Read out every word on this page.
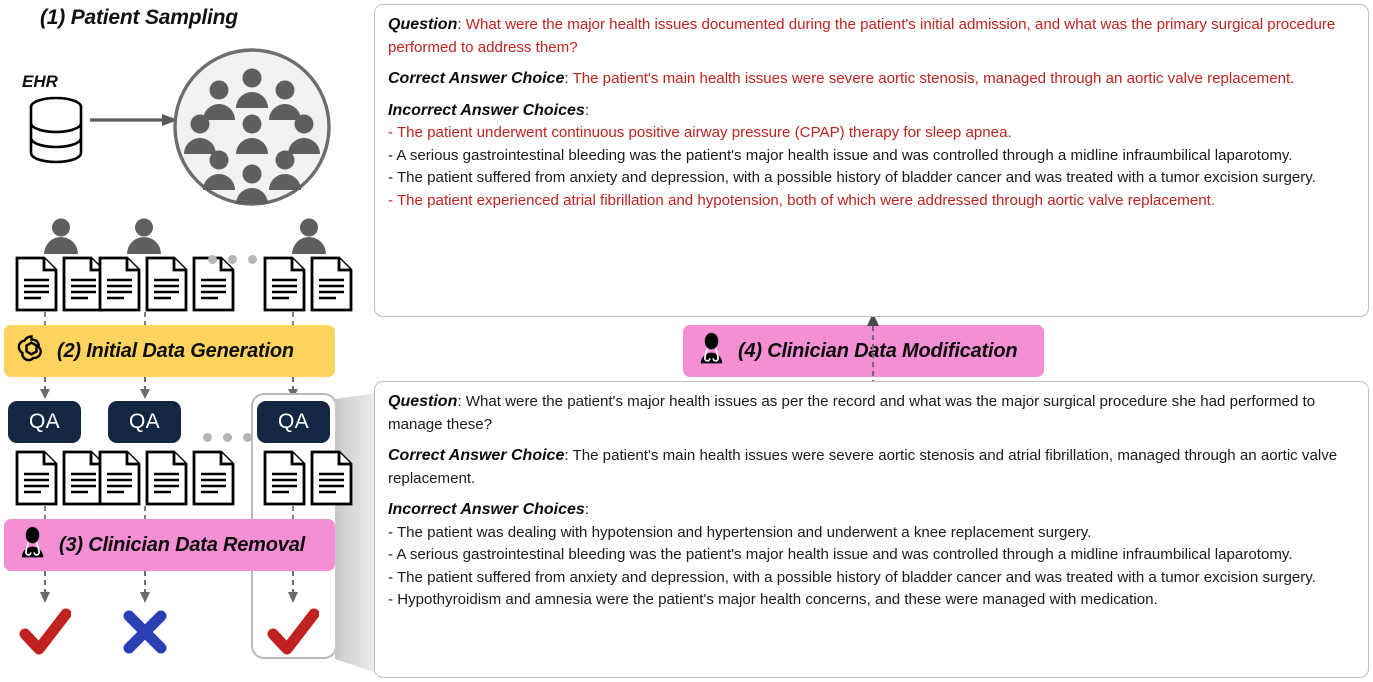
(1) Patient Sampling
EHR
(2) Initial Data Generation
QA	QA	QA
(3) Clinician Data Removal
(4) Clinician Data Modification
Question: What were the major health issues documented during the patient's initial admission, and what was the primary surgical procedure performed to address them?
Correct Answer Choice: The patient's main health issues were severe aortic stenosis, managed through an aortic valve replacement.
Incorrect Answer Choices:
- The patient underwent continuous positive airway pressure (CPAP) therapy for sleep apnea.
- A serious gastrointestinal bleeding was the patient's major health issue and was controlled through a midline infraumbilical laparotomy.
- The patient suffered from anxiety and depression, with a possible history of bladder cancer and was treated with a tumor excision surgery.
- The patient experienced atrial fibrillation and hypotension, both of which were addressed through aortic valve replacement.
Question: What were the patient's major health issues as per the record and what was the major surgical procedure she had performed to manage these?
Correct Answer Choice: The patient's main health issues were severe aortic stenosis and atrial fibrillation, managed through an aortic valve replacement.
Incorrect Answer Choices:
- The patient was dealing with hypotension and hypertension and underwent a knee replacement surgery.
- A serious gastrointestinal bleeding was the patient's major health issue and was controlled through a midline infraumbilical laparotomy.
- The patient suffered from anxiety and depression, with a possible history of bladder cancer and was treated with a tumor excision surgery.
- Hypothyroidism and amnesia were the patient's major health concerns, and these were managed with medication.
